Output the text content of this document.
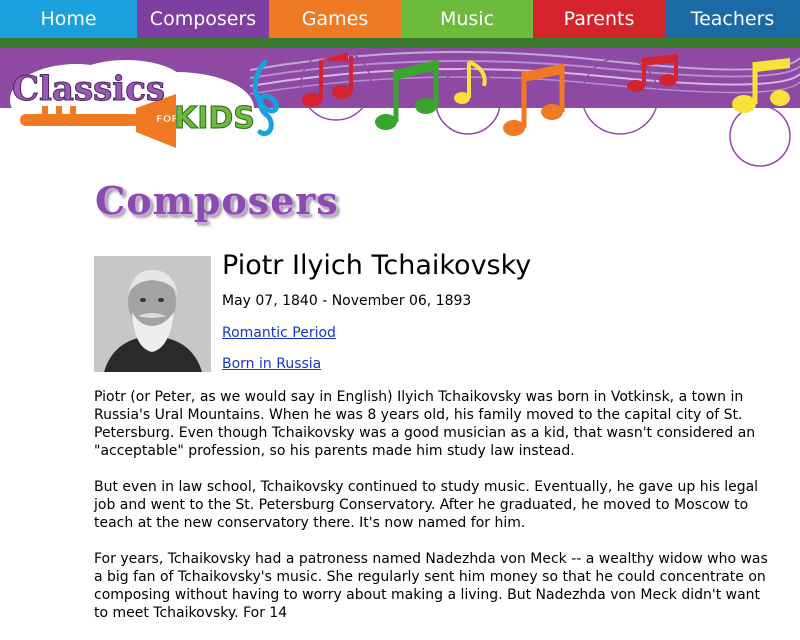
Home	Composers	Games	Music	Parents	Teachers
Classics
FOR
KIDS
Composers
Piotr Ilyich Tchaikovsky
May 07, 1840 - November 06, 1893
Romantic Period
Born in Russia

Piotr (or Peter, as we would say in English) Ilyich Tchaikovsky was born in Votkinsk, a town in Russia's Ural Mountains. When he was 8 years old, his family moved to the capital city of St. Petersburg. Even though Tchaikovsky was a good musician as a kid, that wasn't considered an "acceptable" profession, so his parents made him study law instead.

But even in law school, Tchaikovsky continued to study music. Eventually, he gave up his legal job and went to the St. Petersburg Conservatory. After he graduated, he moved to Moscow to teach at the new conservatory there. It's now named for him.

For years, Tchaikovsky had a patroness named Nadezhda von Meck -- a wealthy widow who was a big fan of Tchaikovsky's music. She regularly sent him money so that he could concentrate on composing without having to worry about making a living. But Nadezhda von Meck didn't want to meet Tchaikovsky. For 14
